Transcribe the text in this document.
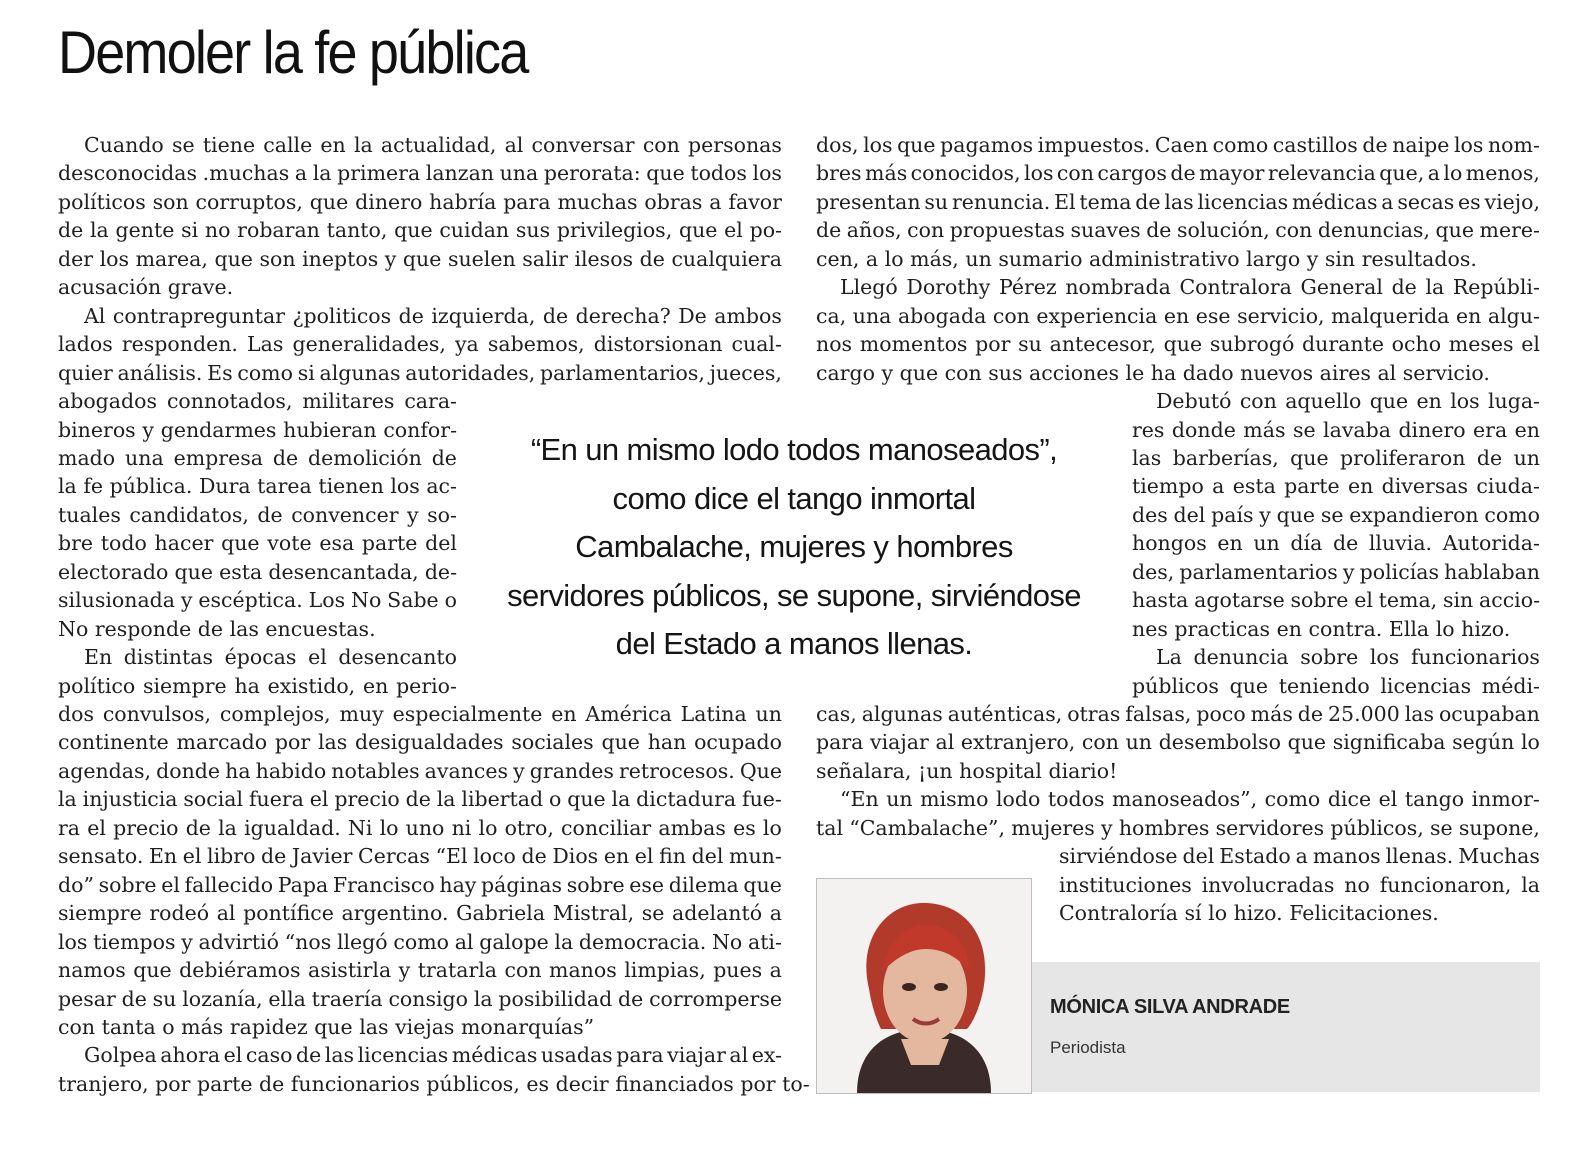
Demoler la fe pública
Cuando se tiene calle en la actualidad, al conversar con personas
desconocidas .muchas a la primera lanzan una perorata: que todos los
políticos son corruptos, que dinero habría para muchas obras a favor
de la gente si no robaran tanto, que cuidan sus privilegios, que el po-
der los marea, que son ineptos y que suelen salir ilesos de cualquiera
acusación grave.
Al contrapreguntar ¿politicos de izquierda, de derecha? De ambos
lados responden. Las generalidades, ya sabemos, distorsionan cual-
quier análisis. Es como si algunas autoridades, parlamentarios, jueces,
abogados connotados, militares cara-
bineros y gendarmes hubieran confor-
mado una empresa de demolición de
la fe pública. Dura tarea tienen los ac-
tuales candidatos, de convencer y so-
bre todo hacer que vote esa parte del
electorado que esta desencantada, de-
silusionada y escéptica. Los No Sabe o
No responde de las encuestas.
En distintas épocas el desencanto
político siempre ha existido, en perio-
dos convulsos, complejos, muy especialmente en América Latina un
continente marcado por las desigualdades sociales que han ocupado
agendas, donde ha habido notables avances y grandes retrocesos. Que
la injusticia social fuera el precio de la libertad o que la dictadura fue-
ra el precio de la igualdad. Ni lo uno ni lo otro, conciliar ambas es lo
sensato. En el libro de Javier Cercas “El loco de Dios en el fin del mun-
do” sobre el fallecido Papa Francisco hay páginas sobre ese dilema que
siempre rodeó al pontífice argentino. Gabriela Mistral, se adelantó a
los tiempos y advirtió “nos llegó como al galope la democracia. No ati-
namos que debiéramos asistirla y tratarla con manos limpias, pues a
pesar de su lozanía, ella traería consigo la posibilidad de corromperse
con tanta o más rapidez que las viejas monarquías”
Golpea ahora el caso de las licencias médicas usadas para viajar al ex-
tranjero, por parte de funcionarios públicos, es decir financiados por to-
dos, los que pagamos impuestos. Caen como castillos de naipe los nom-
bres más conocidos, los con cargos de mayor relevancia que, a lo menos,
presentan su renuncia. El tema de las licencias médicas a secas es viejo,
de años, con propuestas suaves de solución, con denuncias, que mere-
cen, a lo más, un sumario administrativo largo y sin resultados.
Llegó Dorothy Pérez nombrada Contralora General de la Repúbli-
ca, una abogada con experiencia en ese servicio, malquerida en algu-
nos momentos por su antecesor, que subrogó durante ocho meses el
cargo y que con sus acciones le ha dado nuevos aires al servicio.
Debutó con aquello que en los luga-
res donde más se lavaba dinero era en
las barberías, que proliferaron de un
tiempo a esta parte en diversas ciuda-
des del país y que se expandieron como
hongos en un día de lluvia. Autorida-
des, parlamentarios y policías hablaban
hasta agotarse sobre el tema, sin accio-
nes practicas en contra. Ella lo hizo.
La denuncia sobre los funcionarios
públicos que teniendo licencias médi-
cas, algunas auténticas, otras falsas, poco más de 25.000 las ocupaban
para viajar al extranjero, con un desembolso que significaba según lo
señalara, ¡un hospital diario!
“En un mismo lodo todos manoseados”, como dice el tango inmor-
tal “Cambalache”, mujeres y hombres servidores públicos, se supone,
sirviéndose del Estado a manos llenas. Muchas
instituciones involucradas no funcionaron, la
Contraloría sí lo hizo. Felicitaciones.
“En un mismo lodo todos manoseados”,
como dice el tango inmortal
Cambalache, mujeres y hombres
servidores públicos, se supone, sirviéndose
del Estado a manos llenas.
MÓNICA SILVA ANDRADE
Periodista
